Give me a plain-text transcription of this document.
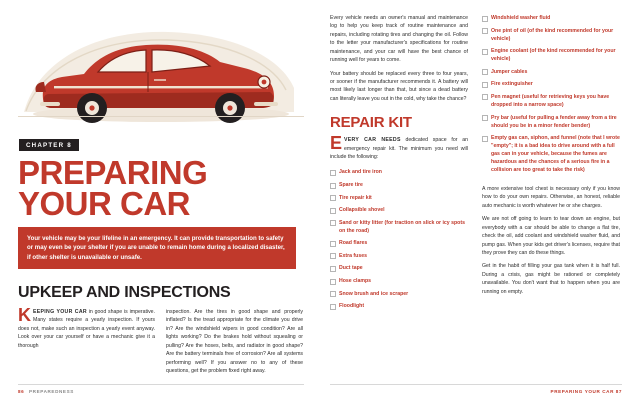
CHAPTER 8
PREPARING YOUR CAR
Your vehicle may be your lifeline in an emergency. It can provide transportation to safety or may even be your shelter if you are unable to remain home during a localized disaster, if other shelter is unavailable or unsafe.
UPKEEP AND INSPECTIONS

KEEPING YOUR CAR in good shape is imperative. Many states require a yearly inspection. If yours does not, make such an inspection a yearly event anyway. Look over your car yourself or have a mechanic give it a thorough

inspection. Are the tires in good shape and properly inflated? Is the tread appropriate for the climate you drive in? Are the windshield wipers in good condition? Are all lights working? Do the brakes hold without squealing or pulling? Are the hoses, belts, and radiator in good shape? Are the battery terminals free of corrosion? Are all systems performing well? If you answer no to any of these questions, get the problem fixed right away.

86 PREPAREDNESS

Every vehicle needs an owner's manual and maintenance log to help you keep track of routine maintenance and repairs, including rotating tires and changing the oil. Follow to the letter your manufacturer's specifications for routine maintenance, and your car will have the best chance of running well for years to come.

Your battery should be replaced every three to four years, or sooner if the manufacturer recommends it. A battery will most likely last longer than that, but since a dead battery can literally leave you out in the cold, why take the chance?

REPAIR KIT

EVERY CAR NEEDS dedicated space for an emergency repair kit. The minimum you need will include the following:

Jack and tire iron
Spare tire
Tire repair kit
Collapsible shovel
Sand or kitty litter (for traction on slick or icy spots on the road)
Road flares
Extra fuses
Duct tape
Hose clamps
Snow brush and ice scraper
Floodlight
Windshield washer fluid
One pint of oil (of the kind recommended for your vehicle)
Engine coolant (of the kind recommended for your vehicle)
Jumper cables
Fire extinguisher
Pen magnet (useful for retrieving keys you have dropped into a narrow space)
Pry bar (useful for pulling a fender away from a tire should you be in a minor fender bender)
Empty gas can, siphon, and funnel (note that I wrote "empty"; it is a bad idea to drive around with a full gas can in your vehicle, because the fumes are hazardous and the chances of a serious fire in a collision are too great to take the risk)

A more extensive tool chest is necessary only if you know how to do your own repairs. Otherwise, an honest, reliable auto mechanic is worth whatever he or she charges.

We are not off going to learn to tear down an engine, but everybody with a car should be able to change a flat tire, check the oil, add coolant and windshield washer fluid, and pump gas. When your kids get driver's licenses, require that they prove they can do these things.

Get in the habit of filling your gas tank when it is half full. During a crisis, gas might be rationed or completely unavailable. You don't want that to happen when you are running on empty.

PREPARING YOUR CAR 87
